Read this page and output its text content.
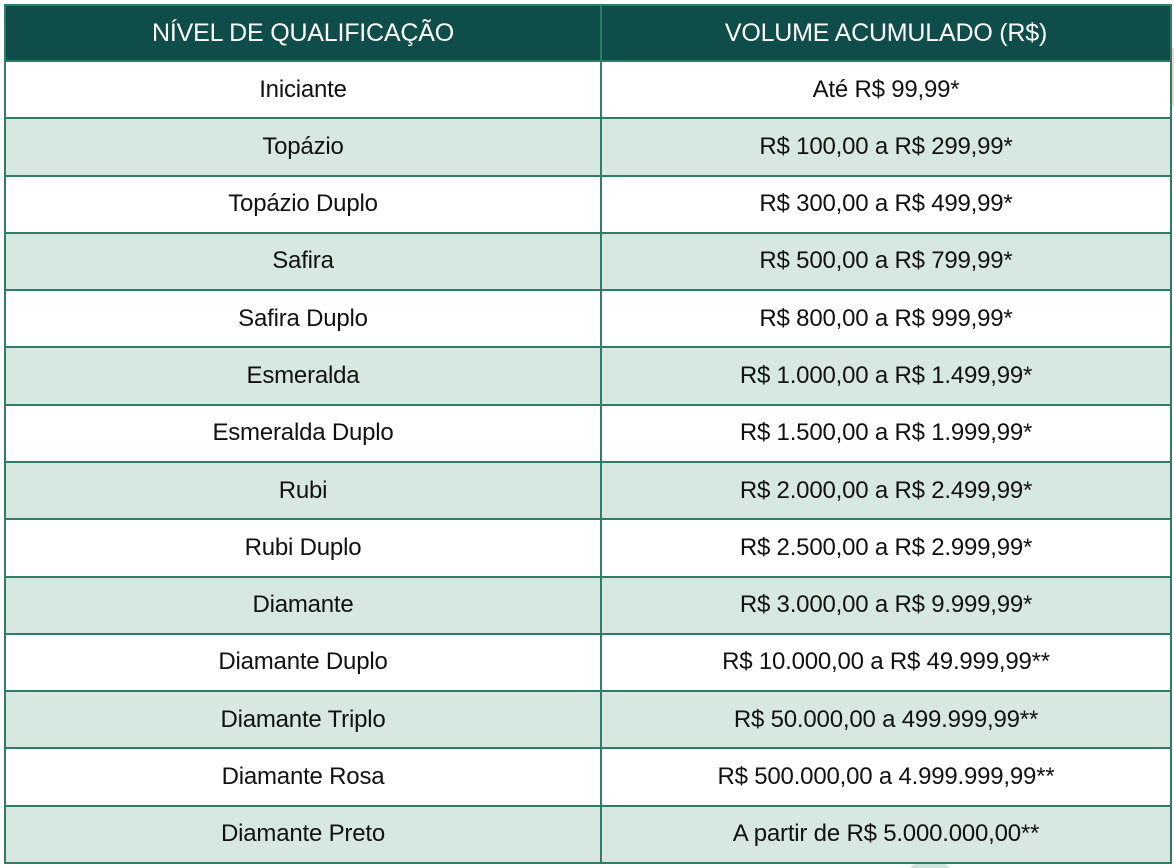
NÍVEL DE QUALIFICAÇÃO	VOLUME ACUMULADO (R$)
Iniciante	Até R$ 99,99*
Topázio	R$ 100,00 a R$ 299,99*
Topázio Duplo	R$ 300,00 a R$ 499,99*
Safira	R$ 500,00 a R$ 799,99*
Safira Duplo	R$ 800,00 a R$ 999,99*
Esmeralda	R$ 1.000,00 a R$ 1.499,99*
Esmeralda Duplo	R$ 1.500,00 a R$ 1.999,99*
Rubi	R$ 2.000,00 a R$ 2.499,99*
Rubi Duplo	R$ 2.500,00 a R$ 2.999,99*
Diamante	R$ 3.000,00 a R$ 9.999,99*
Diamante Duplo	R$ 10.000,00 a R$ 49.999,99**
Diamante Triplo	R$ 50.000,00 a 499.999,99**
Diamante Rosa	R$ 500.000,00 a 4.999.999,99**
Diamante Preto	A partir de R$ 5.000.000,00**
